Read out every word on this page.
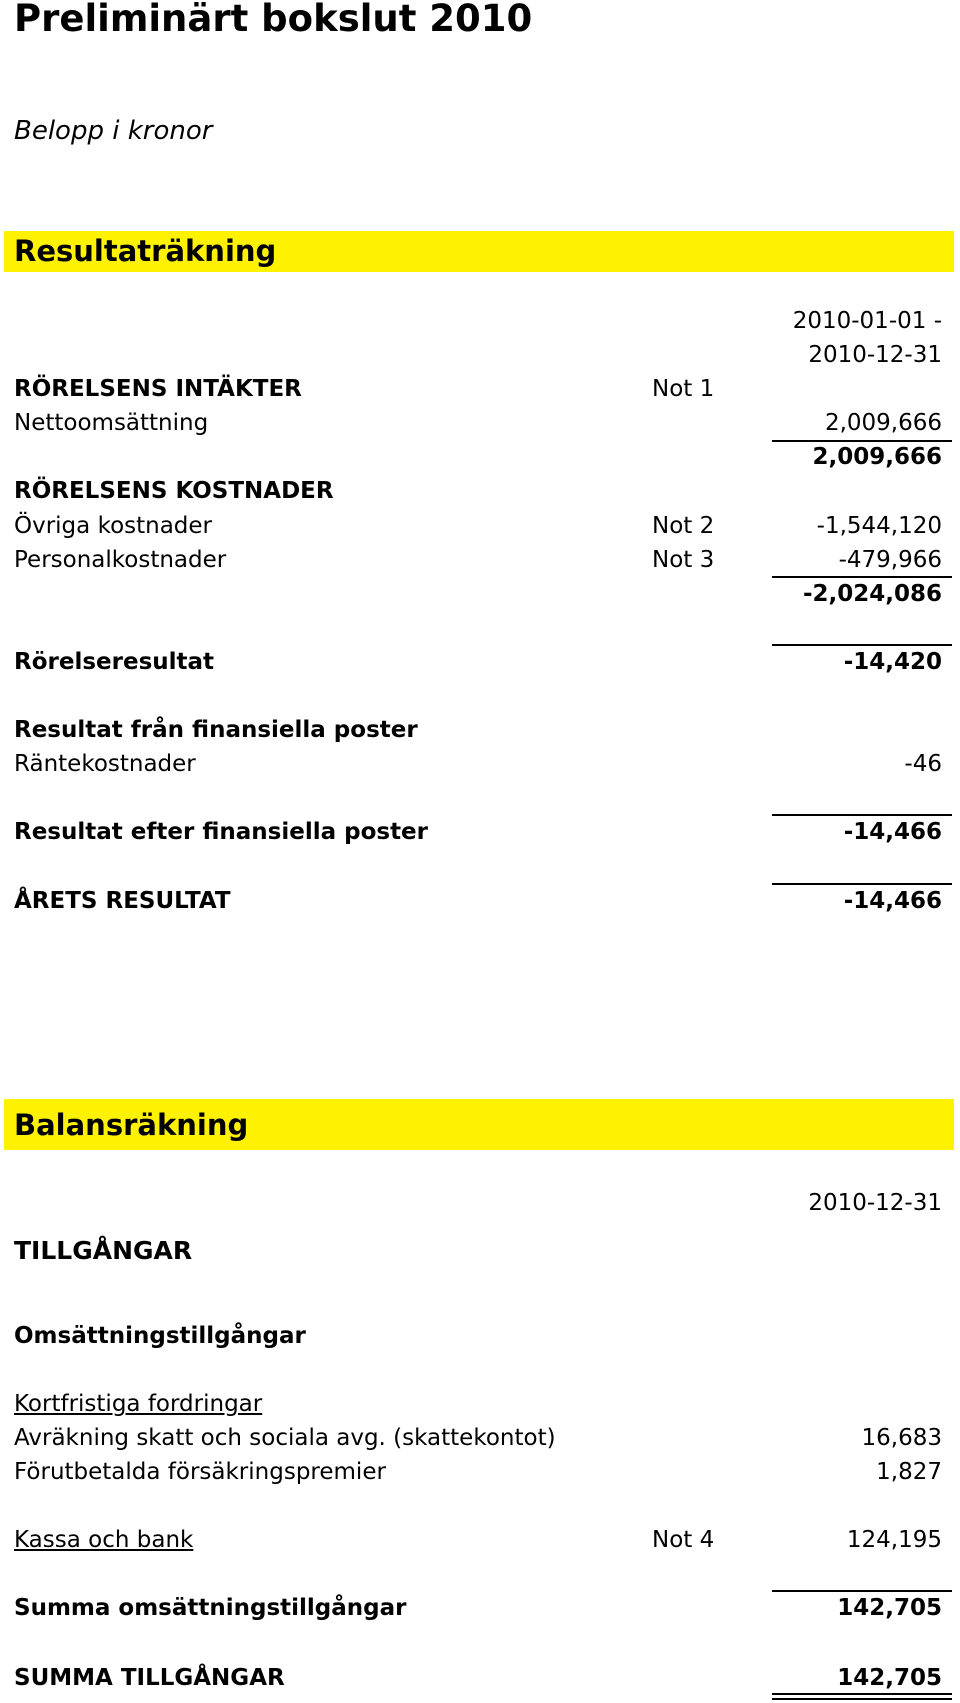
Preliminärt bokslut 2010
Belopp i kronor
Resultaträkning
2010-01-01 -
2010-12-31
RÖRELSENS INTÄKTER	Not 1
Nettoomsättning	2,009,666
2,009,666
RÖRELSENS KOSTNADER
Övriga kostnader	Not 2	-1,544,120
Personalkostnader	Not 3	-479,966
-2,024,086
Rörelseresultat	-14,420
Resultat från finansiella poster
Räntekostnader	-46
Resultat efter finansiella poster	-14,466
ÅRETS RESULTAT	-14,466
Balansräkning
2010-12-31
TILLGÅNGAR
Omsättningstillgångar
Kortfristiga fordringar
Avräkning skatt och sociala avg. (skattekontot)	16,683
Förutbetalda försäkringspremier	1,827
Kassa och bank	Not 4	124,195
Summa omsättningstillgångar	142,705
SUMMA TILLGÅNGAR	142,705
